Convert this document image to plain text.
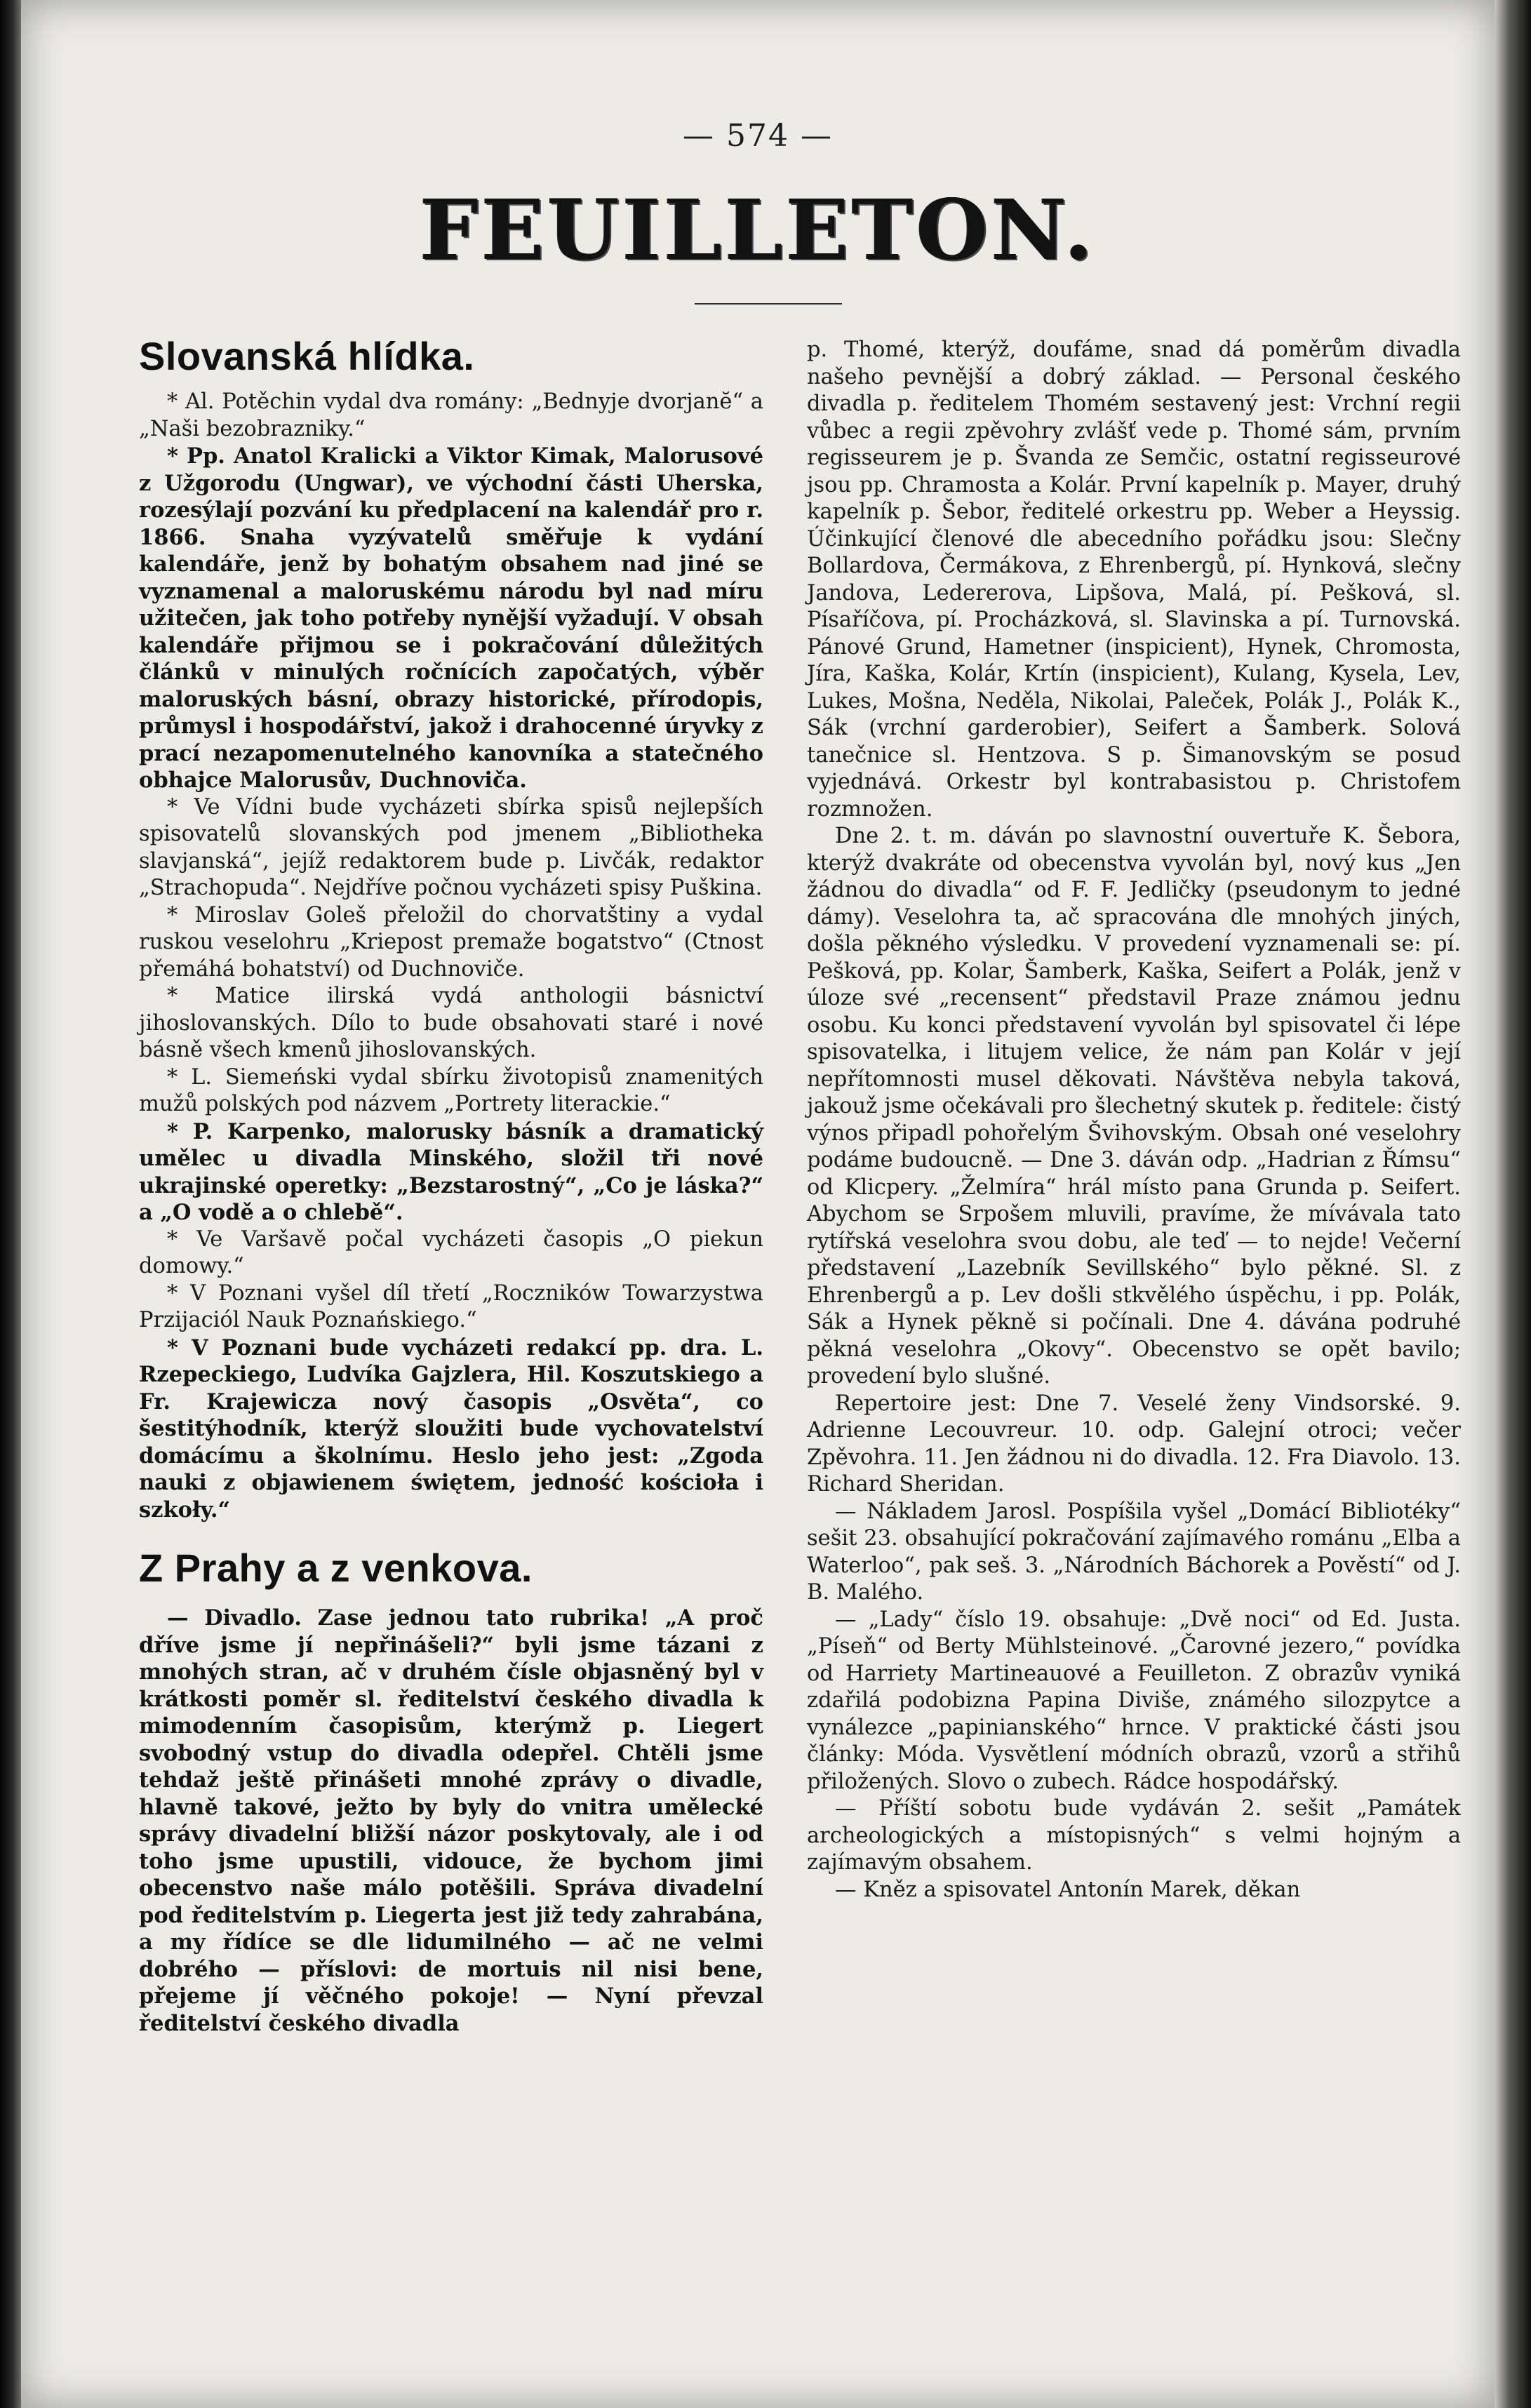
— 574 —
FEUILLETON.
Slovanská hlídka.

* Al. Potěchin vydal dva romány: „Bednyje dvorjanĕ“ a „Naši bezobrazniky.“

* Pp. Anatol Kralicki a Viktor Kimak, Malorusové z Užgorodu (Ungwar), ve východní části Uherska, rozesýlají pozvání ku předplacení na kalendář pro r. 1866. Snaha vyzývatelů směřuje k vydání kalendáře, jenž by bohatým obsahem nad jiné se vyznamenal a maloruskému národu byl nad míru užitečen, jak toho potřeby nynější vyžadují. V obsah kalendáře přijmou se i pokračování důležitých článků v minulých ročnících započatých, výběr maloruských básní, obrazy historické, přírodopis, průmysl i hospodářství, jakož i drahocenné úryvky z prací nezapomenutelného kanovníka a statečného obhajce Malorusův, Duchnoviča.

* Ve Vídni bude vycházeti sbírka spisů nejlepších spisovatelů slovanských pod jmenem „Bibliotheka slavjanská“, jejíž redaktorem bude p. Livčák, redaktor „Strachopuda“. Nejdříve počnou vycházeti spisy Puškina.

* Miroslav Goleš přeložil do chorvatštiny a vydal ruskou veselohru „Kriepost premaže bogatstvo“ (Ctnost přemáhá bohatství) od Duchnoviče.

* Matice ilirská vydá anthologii básnictví jihoslovanských. Dílo to bude obsahovati staré i nové básně všech kmenů jihoslovanských.

* L. Siemeński vydal sbírku životopisů znamenitých mužů polských pod názvem „Portrety literackie.“

* P. Karpenko, malorusky básník a dramatický umělec u divadla Minského, složil tři nové ukrajinské operetky: „Bezstarostný“, „Co je láska?“ a „O vodě a o chlebě“.

* Ve Varšavě počal vycházeti časopis „O piekun domowy.“

* V Poznani vyšel díl třetí „Roczników Towarzystwa Przijaciól Nauk Poznańskiego.“

* V Poznani bude vycházeti redakcí pp. dra. L. Rzepeckiego, Ludvíka Gajzlera, Hil. Koszutskiego a Fr. Krajewicza nový časopis „Osvěta“, co šestitýhodník, kterýž sloužiti bude vychovatelství domácímu a školnímu. Heslo jeho jest: „Zgoda nauki z objawienem świętem, jedność kościoła i szkoły.“

Z Prahy a z venkova.

— Divadlo. Zase jednou tato rubrika! „A proč dříve jsme jí nepřinášeli?“ byli jsme tázani z mnohých stran, ač v druhém čísle objasněný byl v krátkosti poměr sl. ředitelství českého divadla k mimodenním časopisům, kterýmž p. Liegert svobodný vstup do divadla odepřel. Chtěli jsme tehdaž ještě přinášeti mnohé zprávy o divadle, hlavně takové, ježto by byly do vnitra umělecké správy divadelní bližší názor poskytovaly, ale i od toho jsme upustili, vidouce, že bychom jimi obecenstvo naše málo potěšili. Správa divadelní pod ředitelstvím p. Liegerta jest již tedy zahrabána, a my řídíce se dle lidumilného — ač ne velmi dobrého — příslovi: de mortuis nil nisi bene, přejeme jí věčného pokoje! — Nyní převzal ředitelství českého divadla

p. Thomé, kterýž, doufáme, snad dá poměrům divadla našeho pevnější a dobrý základ. — Personal českého divadla p. ředitelem Thomém sestavený jest: Vrchní regii vůbec a regii zpěvohry zvlášť vede p. Thomé sám, prvním regisseurem je p. Švanda ze Semčic, ostatní regisseurové jsou pp. Chramosta a Kolár. První kapelník p. Mayer, druhý kapelník p. Šebor, ředitelé orkestru pp. Weber a Heyssig. Účinkující členové dle abecedního pořádku jsou: Slečny Bollardova, Čermákova, z Ehrenbergů, pí. Hynková, slečny Jandova, Ledererova, Lipšova, Malá, pí. Pešková, sl. Písaříčova, pí. Procházková, sl. Slavinska a pí. Turnovská. Pánové Grund, Hametner (inspicient), Hynek, Chromosta, Jíra, Kaška, Kolár, Krtín (inspicient), Kulang, Kysela, Lev, Lukes, Mošna, Neděla, Nikolai, Paleček, Polák J., Polák K., Sák (vrchní garderobier), Seifert a Šamberk. Solová tanečnice sl. Hentzova. S p. Šimanovským se posud vyjednává. Orkestr byl kontrabasistou p. Christofem rozmnožen.

Dne 2. t. m. dáván po slavnostní ouvertuře K. Šebora, kterýž dvakráte od obecenstva vyvolán byl, nový kus „Jen žádnou do divadla“ od F. F. Jedličky (pseudonym to jedné dámy). Veselohra ta, ač spracována dle mnohých jiných, došla pěkného výsledku. V provedení vyznamenali se: pí. Pešková, pp. Kolar, Šamberk, Kaška, Seifert a Polák, jenž v úloze své „recensent“ představil Praze známou jednu osobu. Ku konci představení vyvolán byl spisovatel či lépe spisovatelka, i litujem velice, že nám pan Kolár v její nepřítomnosti musel děkovati. Návštěva nebyla taková, jakouž jsme očekávali pro šlechetný skutek p. ředitele: čistý výnos připadl pohořelým Švihovským. Obsah oné veselohry podáme budoucně. — Dne 3. dáván odp. „Hadrian z Římsu“ od Klicpery. „Želmíra“ hrál místo pana Grunda p. Seifert. Abychom se Srpošem mluvili, pravíme, že mívávala tato rytířská veselohra svou dobu, ale teď — to nejde! Večerní představení „Lazebník Sevillského“ bylo pěkné. Sl. z Ehrenbergů a p. Lev došli stkvělého úspěchu, i pp. Polák, Sák a Hynek pěkně si počínali. Dne 4. dávána podruhé pěkná veselohra „Okovy“. Obecenstvo se opět bavilo; provedení bylo slušné.

Repertoire jest: Dne 7. Veselé ženy Vindsorské. 9. Adrienne Lecouvreur. 10. odp. Galejní otroci; večer Zpěvohra. 11. Jen žádnou ni do divadla. 12. Fra Diavolo. 13. Richard Sheridan.

— Nákladem Jarosl. Pospíšila vyšel „Domácí Bibliotéky“ sešit 23. obsahující pokračování zajímavého románu „Elba a Waterloo“, pak seš. 3. „Národních Báchorek a Pověstí“ od J. B. Malého.

— „Lady“ číslo 19. obsahuje: „Dvě noci“ od Ed. Justa. „Píseň“ od Berty Mühlsteinové. „Čarovné jezero,“ povídka od Harriety Martineauové a Feuilleton. Z obrazův vyniká zdařilá podobizna Papina Diviše, známého silozpytce a vynálezce „papinianského“ hrnce. V praktické části jsou články: Móda. Vysvětlení módních obrazů, vzorů a střihů přiložených. Slovo o zubech. Rádce hospodářský.

— Příští sobotu bude vydáván 2. sešit „Památek archeologických a místopisných“ s velmi hojným a zajímavým obsahem.

— Kněz a spisovatel Antonín Marek, děkan
